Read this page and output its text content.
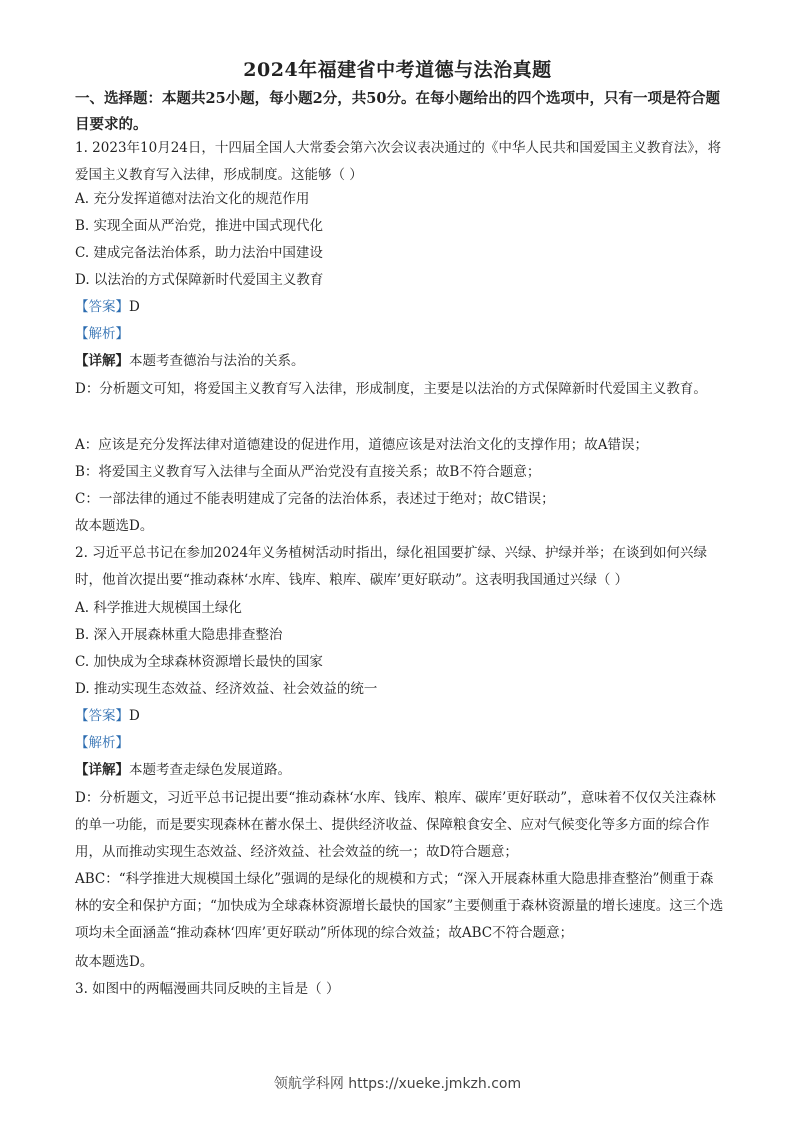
2024年福建省中考道德与法治真题
一、选择题：本题共25小题，每小题2分，共50分。在每小题给出的四个选项中，只有一项是符合题目要求的。
1. 2023年10月24日，十四届全国人大常委会第六次会议表决通过的《中华人民共和国爱国主义教育法》，将爱国主义教育写入法律，形成制度。这能够（ ）
A. 充分发挥道德对法治文化的规范作用
B. 实现全面从严治党，推进中国式现代化
C. 建成完备法治体系，助力法治中国建设
D. 以法治的方式保障新时代爱国主义教育
【答案】D
【解析】
【详解】本题考查德治与法治的关系。
D：分析题文可知，将爱国主义教育写入法律，形成制度，主要是以法治的方式保障新时代爱国主义教育。
A：应该是充分发挥法律对道德建设的促进作用，道德应该是对法治文化的支撑作用；故A错误；
B：将爱国主义教育写入法律与全面从严治党没有直接关系；故B不符合题意；
C：一部法律的通过不能表明建成了完备的法治体系，表述过于绝对；故C错误；
故本题选D。
2. 习近平总书记在参加2024年义务植树活动时指出，绿化祖国要扩绿、兴绿、护绿并举；在谈到如何兴绿时，他首次提出要“推动森林‘水库、钱库、粮库、碳库’更好联动”。这表明我国通过兴绿（ ）
A. 科学推进大规模国土绿化
B. 深入开展森林重大隐患排查整治
C. 加快成为全球森林资源增长最快的国家
D. 推动实现生态效益、经济效益、社会效益的统一
【答案】D
【解析】
【详解】本题考查走绿色发展道路。
D：分析题文，习近平总书记提出要“推动森林‘水库、钱库、粮库、碳库’更好联动”，意味着不仅仅关注森林的单一功能，而是要实现森林在蓄水保土、提供经济收益、保障粮食安全、应对气候变化等多方面的综合作用，从而推动实现生态效益、经济效益、社会效益的统一；故D符合题意；
ABC：“科学推进大规模国土绿化”强调的是绿化的规模和方式；“深入开展森林重大隐患排查整治”侧重于森林的安全和保护方面；“加快成为全球森林资源增长最快的国家”主要侧重于森林资源量的增长速度。这三个选项均未全面涵盖“推动森林‘四库’更好联动”所体现的综合效益；故ABC不符合题意；
故本题选D。
3. 如图中的两幅漫画共同反映的主旨是（ ）
领航学科网 https://xueke.jmkzh.com
